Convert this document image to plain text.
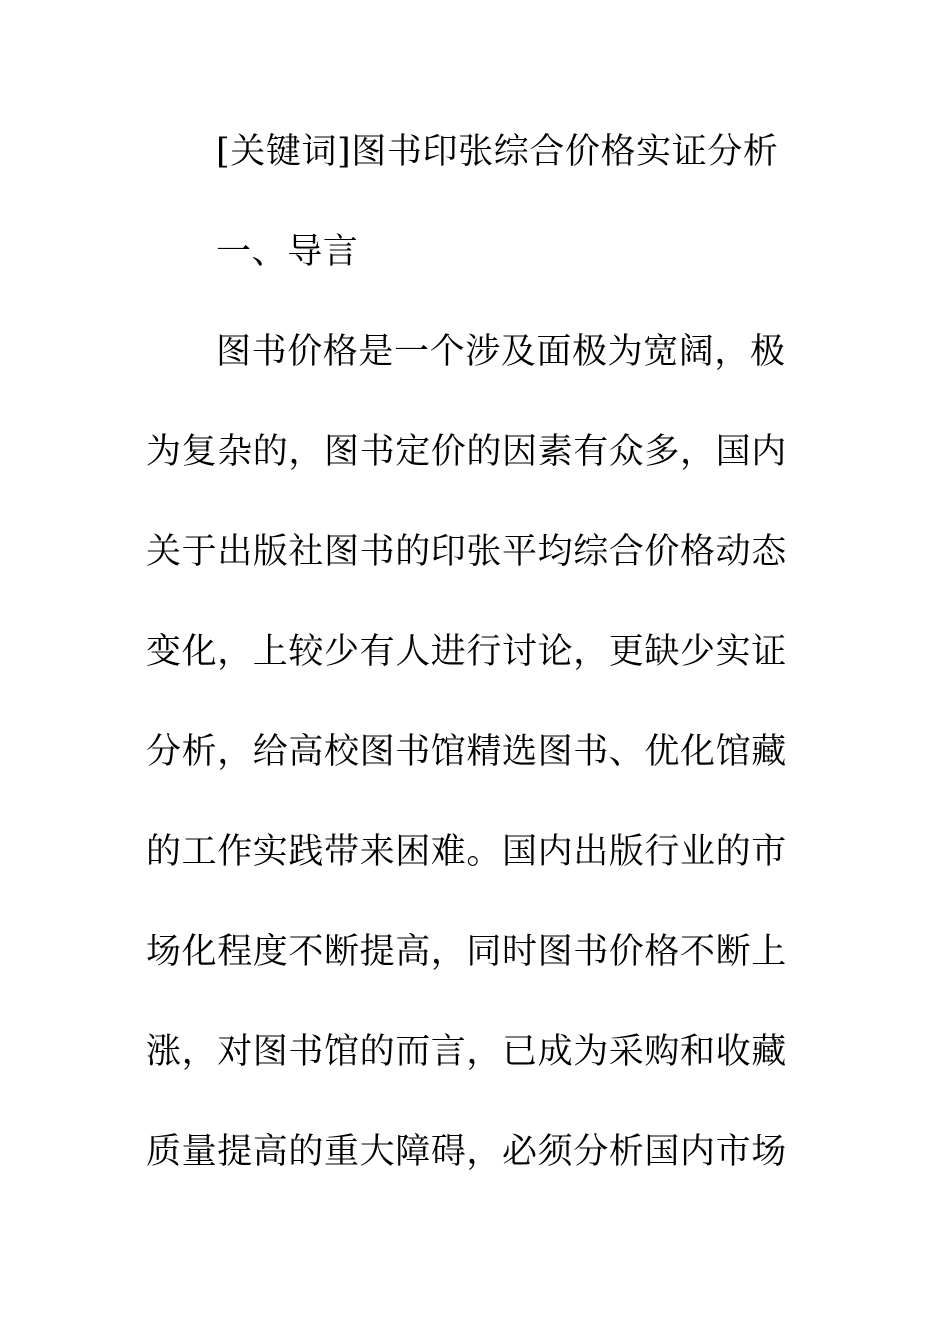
[关键词]图书印张综合价格实证分析
一、导言
图书价格是一个涉及面极为宽阔，极
为复杂的，图书定价的因素有众多，国内
关于出版社图书的印张平均综合价格动态
变化，上较少有人进行讨论，更缺少实证
分析，给高校图书馆精选图书、优化馆藏
的工作实践带来困难。国内出版行业的市
场化程度不断提高，同时图书价格不断上
涨，对图书馆的而言，已成为采购和收藏
质量提高的重大障碍，必须分析国内市场
